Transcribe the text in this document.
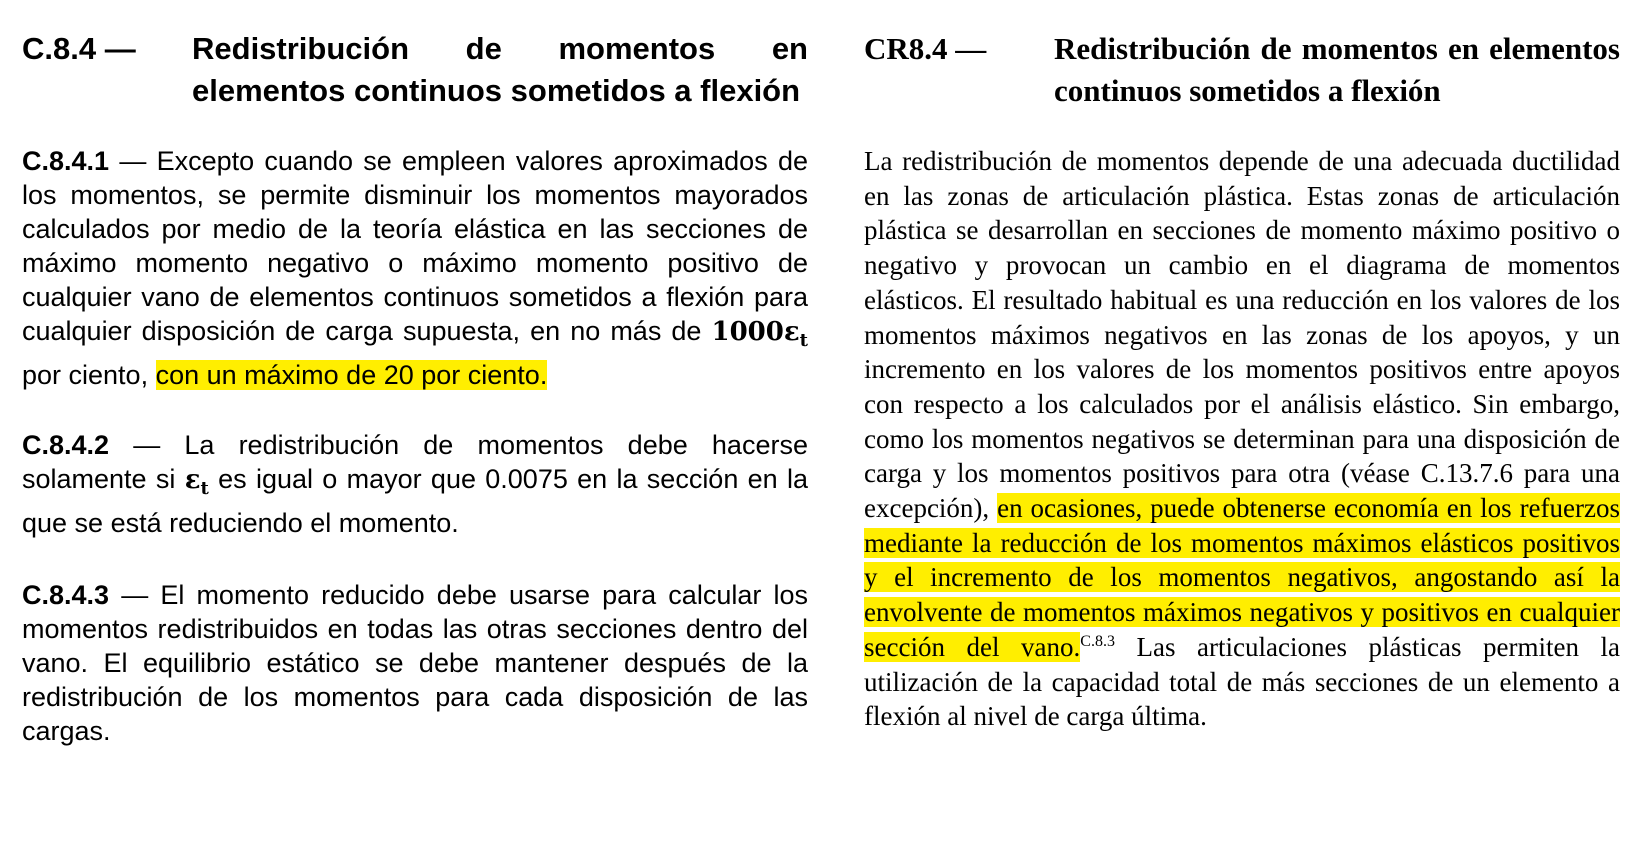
C.8.4 —	Redistribución de momentos en elementos continuos sometidos a flexión

C.8.4.1 — Excepto cuando se empleen valores aproximados de los momentos, se permite disminuir los momentos mayorados calculados por medio de la teoría elástica en las secciones de máximo momento negativo o máximo momento positivo de cualquier vano de elementos continuos sometidos a flexión para cualquier disposición de carga supuesta, en no más de $1000\varepsilon_t$ por ciento, con un máximo de 20 por ciento.

C.8.4.2 — La redistribución de momentos debe hacerse solamente si $\varepsilon_t$ es igual o mayor que 0.0075 en la sección en la que se está reduciendo el momento.

C.8.4.3 — El momento reducido debe usarse para calcular los momentos redistribuidos en todas las otras secciones dentro del vano. El equilibrio estático se debe mantener después de la redistribución de los momentos para cada disposición de las cargas.

CR8.4 —	Redistribución de momentos en elementos continuos sometidos a flexión

La redistribución de momentos depende de una adecuada ductilidad en las zonas de articulación plástica. Estas zonas de articulación plástica se desarrollan en secciones de momento máximo positivo o negativo y provocan un cambio en el diagrama de momentos elásticos. El resultado habitual es una reducción en los valores de los momentos máximos negativos en las zonas de los apoyos, y un incremento en los valores de los momentos positivos entre apoyos con respecto a los calculados por el análisis elástico. Sin embargo, como los momentos negativos se determinan para una disposición de carga y los momentos positivos para otra (véase C.13.7.6 para una excepción), en ocasiones, puede obtenerse economía en los refuerzos mediante la reducción de los momentos máximos elásticos positivos y el incremento de los momentos negativos, angostando así la envolvente de momentos máximos negativos y positivos en cualquier sección del vano.$^{C.8.3}$ Las articulaciones plásticas permiten la utilización de la capacidad total de más secciones de un elemento a flexión al nivel de carga última.
